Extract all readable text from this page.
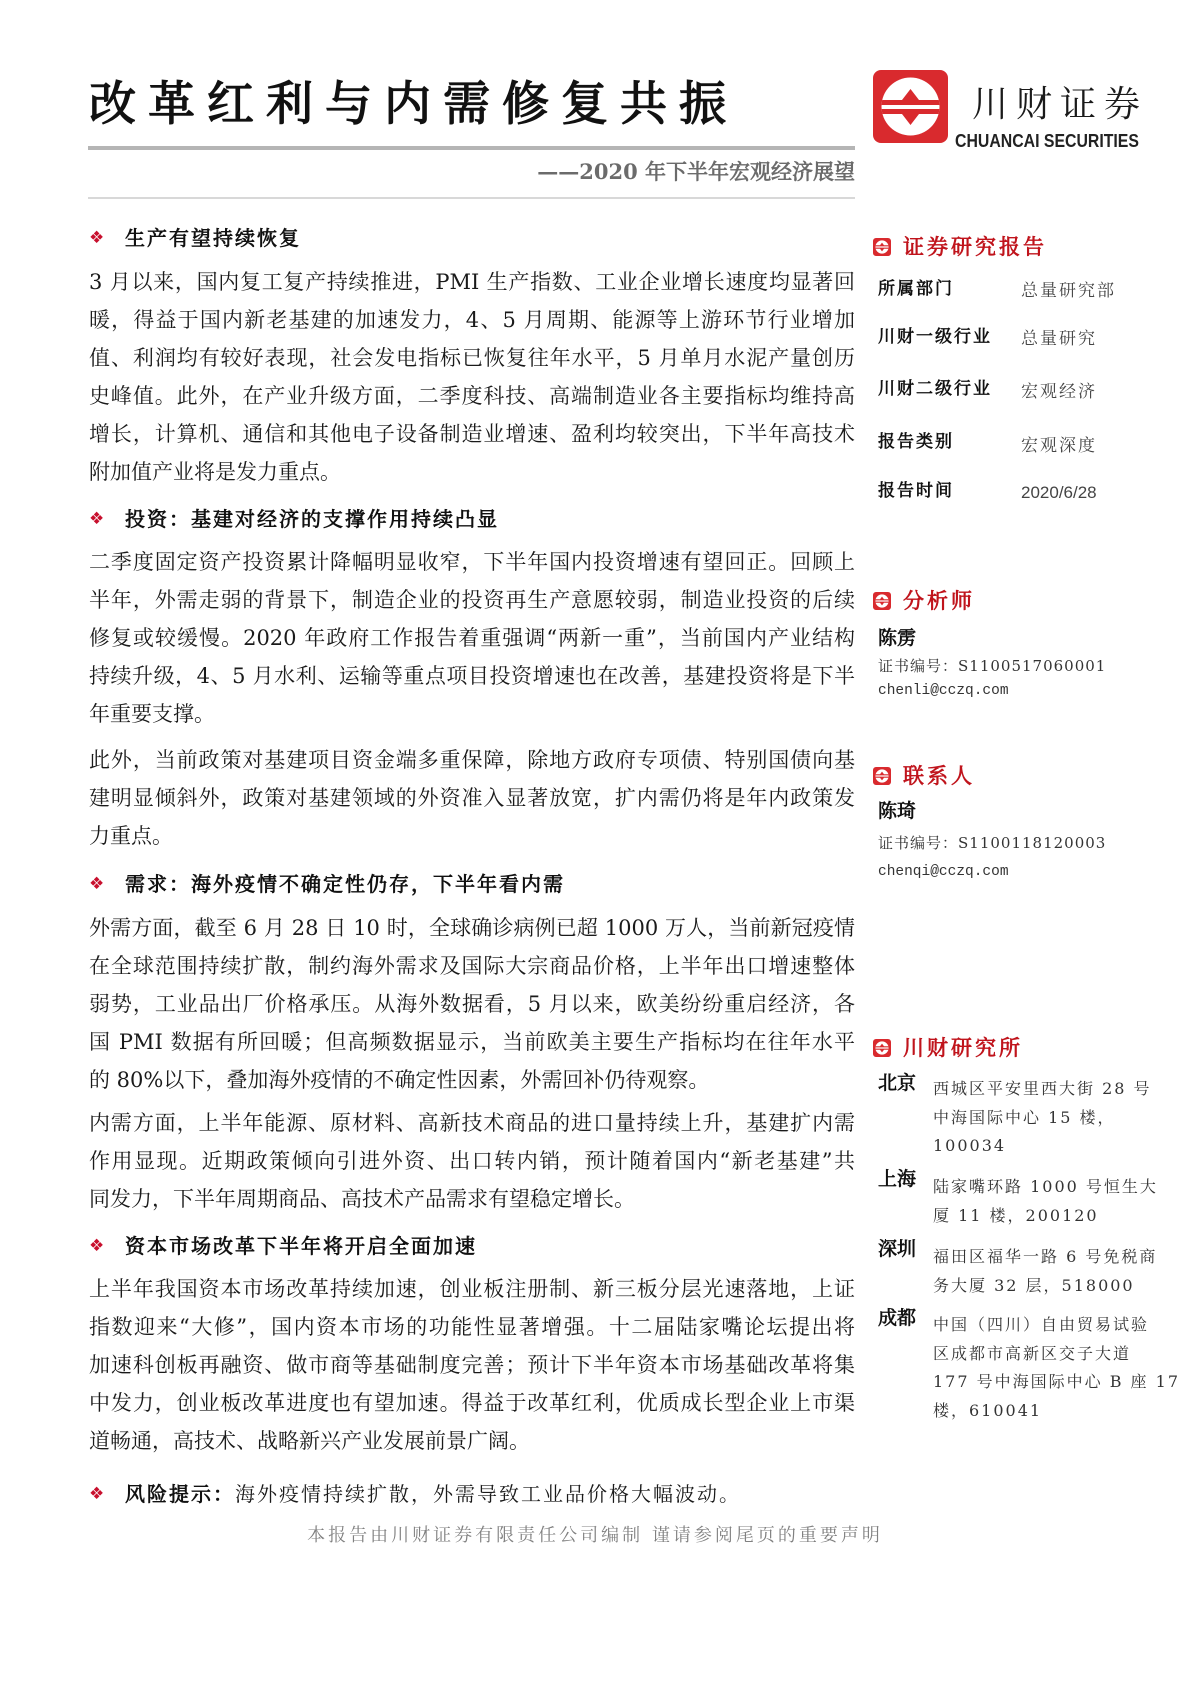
改革红利与内需修复共振
——2020 年下半年宏观经济展望
川财证券
CHUANCAI SECURITIES
❖ 生产有望持续恢复
3 月以来，国内复工复产持续推进，PMI 生产指数、工业企业增长速度均显著回
暖，得益于国内新老基建的加速发力，4、5 月周期、能源等上游环节行业增加
值、利润均有较好表现，社会发电指标已恢复往年水平，5 月单月水泥产量创历
史峰值。此外，在产业升级方面，二季度科技、高端制造业各主要指标均维持高
增长，计算机、通信和其他电子设备制造业增速、盈利均较突出，下半年高技术
附加值产业将是发力重点。
❖ 投资：基建对经济的支撑作用持续凸显
二季度固定资产投资累计降幅明显收窄，下半年国内投资增速有望回正。回顾上
半年，外需走弱的背景下，制造企业的投资再生产意愿较弱，制造业投资的后续
修复或较缓慢。2020 年政府工作报告着重强调“两新一重”，当前国内产业结构
持续升级，4、5 月水利、运输等重点项目投资增速也在改善，基建投资将是下半
年重要支撑。
此外，当前政策对基建项目资金端多重保障，除地方政府专项债、特别国债向基
建明显倾斜外，政策对基建领域的外资准入显著放宽，扩内需仍将是年内政策发
力重点。
❖ 需求：海外疫情不确定性仍存，下半年看内需
外需方面，截至 6 月 28 日 10 时，全球确诊病例已超 1000 万人，当前新冠疫情
在全球范围持续扩散，制约海外需求及国际大宗商品价格，上半年出口增速整体
弱势，工业品出厂价格承压。从海外数据看，5 月以来，欧美纷纷重启经济，各
国 PMI 数据有所回暖；但高频数据显示，当前欧美主要生产指标均在往年水平
的 80%以下，叠加海外疫情的不确定性因素，外需回补仍待观察。
内需方面，上半年能源、原材料、高新技术商品的进口量持续上升，基建扩内需
作用显现。近期政策倾向引进外资、出口转内销，预计随着国内“新老基建”共
同发力，下半年周期商品、高技术产品需求有望稳定增长。
❖ 资本市场改革下半年将开启全面加速
上半年我国资本市场改革持续加速，创业板注册制、新三板分层光速落地，上证
指数迎来“大修”，国内资本市场的功能性显著增强。十二届陆家嘴论坛提出将
加速科创板再融资、做市商等基础制度完善；预计下半年资本市场基础改革将集
中发力，创业板改革进度也有望加速。得益于改革红利，优质成长型企业上市渠
道畅通，高技术、战略新兴产业发展前景广阔。
❖ 风险提示：海外疫情持续扩散，外需导致工业品价格大幅波动。
本报告由川财证券有限责任公司编制 谨请参阅尾页的重要声明
证券研究报告
所属部门	总量研究部
川财一级行业 总量研究
川财二级行业 宏观经济
报告类别	宏观深度
报告时间	2020/6/28
分析师
陈雳
证书编号：S1100517060001
chenli@cczq.com
联系人
陈琦
证书编号：S1100118120003
chenqi@cczq.com
川财研究所
北京 西城区平安里西大街 28 号
中海国际中心 15 楼，
100034
上海 陆家嘴环路 1000 号恒生大
厦 11 楼，200120
深圳 福田区福华一路 6 号免税商
务大厦 32 层，518000
成都 中国（四川）自由贸易试验
区成都市高新区交子大道
177 号中海国际中心 B 座 17
楼，610041
